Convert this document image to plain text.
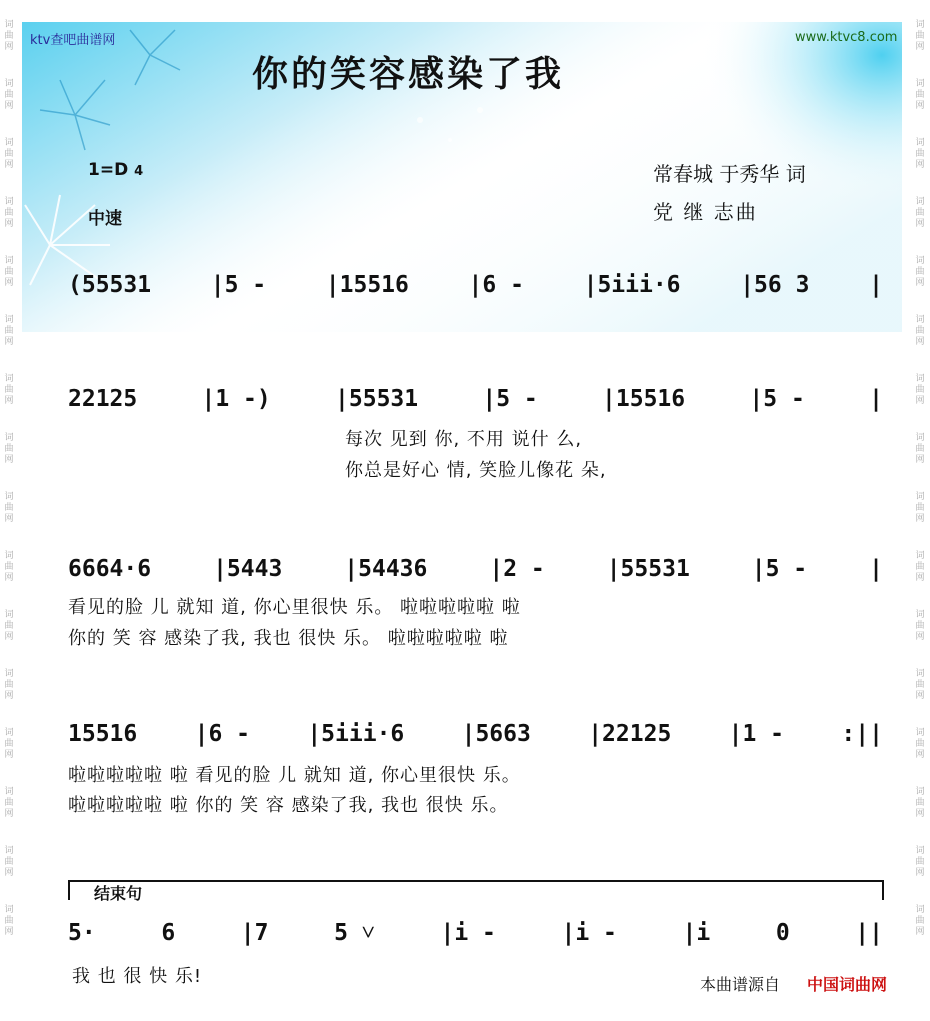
词
曲
网
词
曲
网
词
曲
网
词
曲
网
词
曲
网
词
曲
网
词
曲
网
词
曲
网
词
曲
网
词
曲
网
词
曲
网
词
曲
网
词
曲
网
词
曲
网
词
曲
网
词
曲
网
词
曲
网
词
曲
网
词
曲
网
词
曲
网
词
曲
网
词
曲
网
词
曲
网
词
曲
网
词
曲
网
词
曲
网
词
曲
网
词
曲
网
词
曲
网
词
曲
网
词
曲
网
词
曲
网
ktv查吧曲谱网	www.ktvc8.com
你的笑容感染了我
1=D 4
中速
常春城 于秀华 词
党 继 志曲
(55531	|5 -	|15516	|6 -	|5iii·6	|56 3	|
22125	|1 -)	|55531	|5 -	|15516	|5 -	|
每次 见到 你, 不用 说什 么,
你总是好心 情, 笑脸儿像花 朵,
6664·6	|5443	|54436	|2 -	|55531	|5 -	|
看见的脸 儿 就知 道, 你心里很快 乐。 啦啦啦啦啦 啦
你的 笑 容 感染了我, 我也 很快 乐。 啦啦啦啦啦 啦
15516 |6 - |5iii·6 |5663 |22125 |1 - :||
啦啦啦啦啦 啦 看见的脸 儿 就知 道, 你心里很快 乐。
啦啦啦啦啦 啦 你的 笑 容 感染了我, 我也 很快 乐。
结束句
5·	6	|7	5 ˅	|i -	|i -	|i	0	||
我 也 很 快 乐!	本曲谱源自 中国词曲网
